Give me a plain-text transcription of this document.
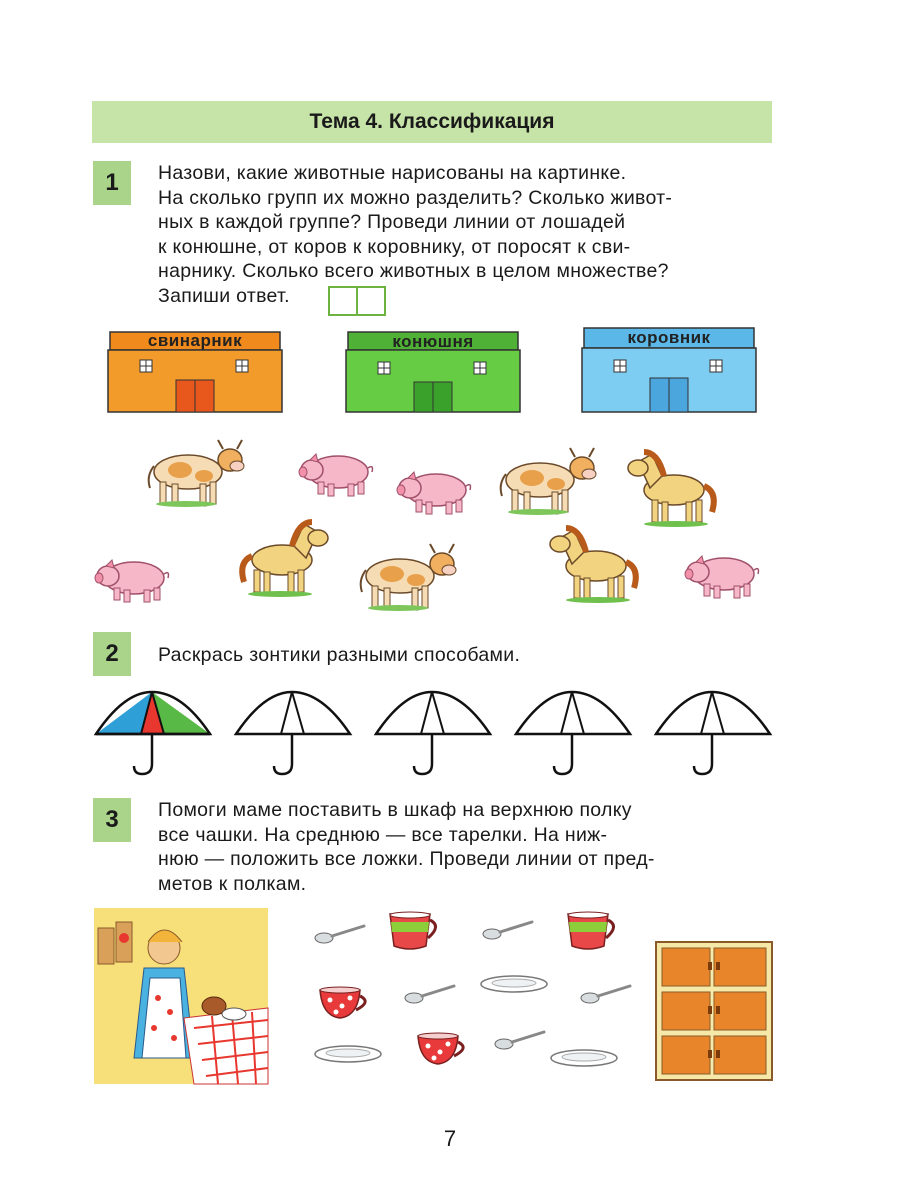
Тема 4. Классификация
1	Назови, какие животные нарисованы на картинке.
На сколько групп их можно разделить? Сколько живот-
ных в каждой группе? Проведи линии от лошадей
к конюшне, от коров к коровнику, от поросят к сви-
нарнику. Сколько всего животных в целом множестве?
Запиши ответ.
свинарник	конюшня	коровник
2	Раскрась зонтики разными способами.
3	Помоги маме поставить в шкаф на верхнюю полку
все чашки. На среднюю — все тарелки. На ниж-
нюю — положить все ложки. Проведи линии от пред-
метов к полкам.
7
